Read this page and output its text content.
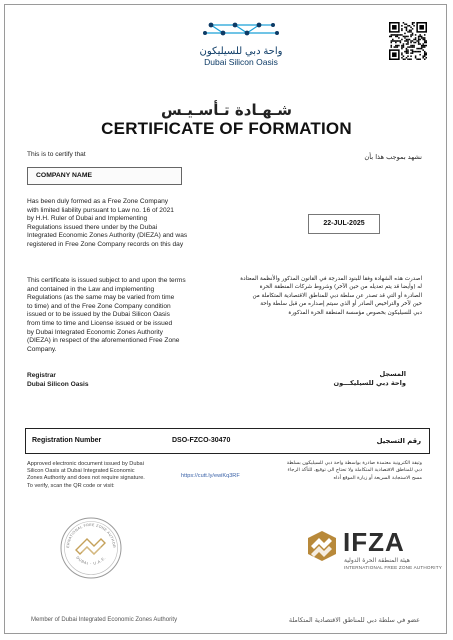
واحة دبي للسيليكون
Dubai Silicon Oasis
شـهـادة تـأسـيـس
CERTIFICATE OF FORMATION
This is to certify that	نشهد بموجب هذا بأن
COMPANY NAME
Has been duly formed as a Free Zone Company
with limited liability pursuant to Law no. 16 of 2021
by H.H. Ruler of Dubai and Implementing
Regulations issued there under by the Dubai
Integrated Economic Zones Authority (DIEZA) and was
registered in Free Zone Company records on this day
22-JUL-2025
This certificate is issued subject to and upon the terms
and contained in the Law and implementing
Regulations (as the same may be varied from time
to time) and of the Free Zone Company condition
issued or to be issued by the Dubai Silicon Oasis
from time to time and License issued or be issued
by Dubai Integrated Economic Zones Authority
(DIEZA) in respect of the aforementioned Free Zone
Company.
اصدرت هذه الشهادة وفقا للبنود المدرجة في القانون المذكور والأنظمة المعتادة
له (وأيضا قد يتم تعديله من حين الآخر) وشروط شركات المنطقة الحرة
الصادرة أو التي قد تصدر عن سلطة دبي للمناطق الاقتصادية المتكاملة من
حين لآخر والتراخيص الصادر أو الذي سيتم إصداره من قبل سلطة واحة
دبي للسيليكون بخصوص مؤسسة المنطقة الحرة المذكورة
Registrar
Dubai Silicon Oasis
المسجل
واحة دبي للسيليكـــون
Registration Number	DSO-FZCO-30470	رقم التسجيل
Approved electronic document issued by Dubai
Silicon Oasis at Dubai Integrated Economic
Zones Authority and does not require signature.
To verify, scan the QR code or visit:
https://cutt.ly/ewiKq3RF
وثيقة الكترونية معتمدة صادرة بواسطة واحة دبي للسيليكون بسلطة
دبي للمناطق الاقتصادية المتكاملة ولا تحتاج الى توقيع، للتأكد الرجاء
مسح الاستجابة السريعة أو زيارة الموقع أداه
ERNATIONAL FREE ZONE AUTHOR
DUBAI - U.A.E.
IFZA
هيئة المنطقة الحرة الدولية
INTERNATIONAL FREE ZONE AUTHORITY
Member of Dubai Integrated Economic Zones Authority	عضو في سلطة دبي للمناطق الاقتصادية المتكاملة
